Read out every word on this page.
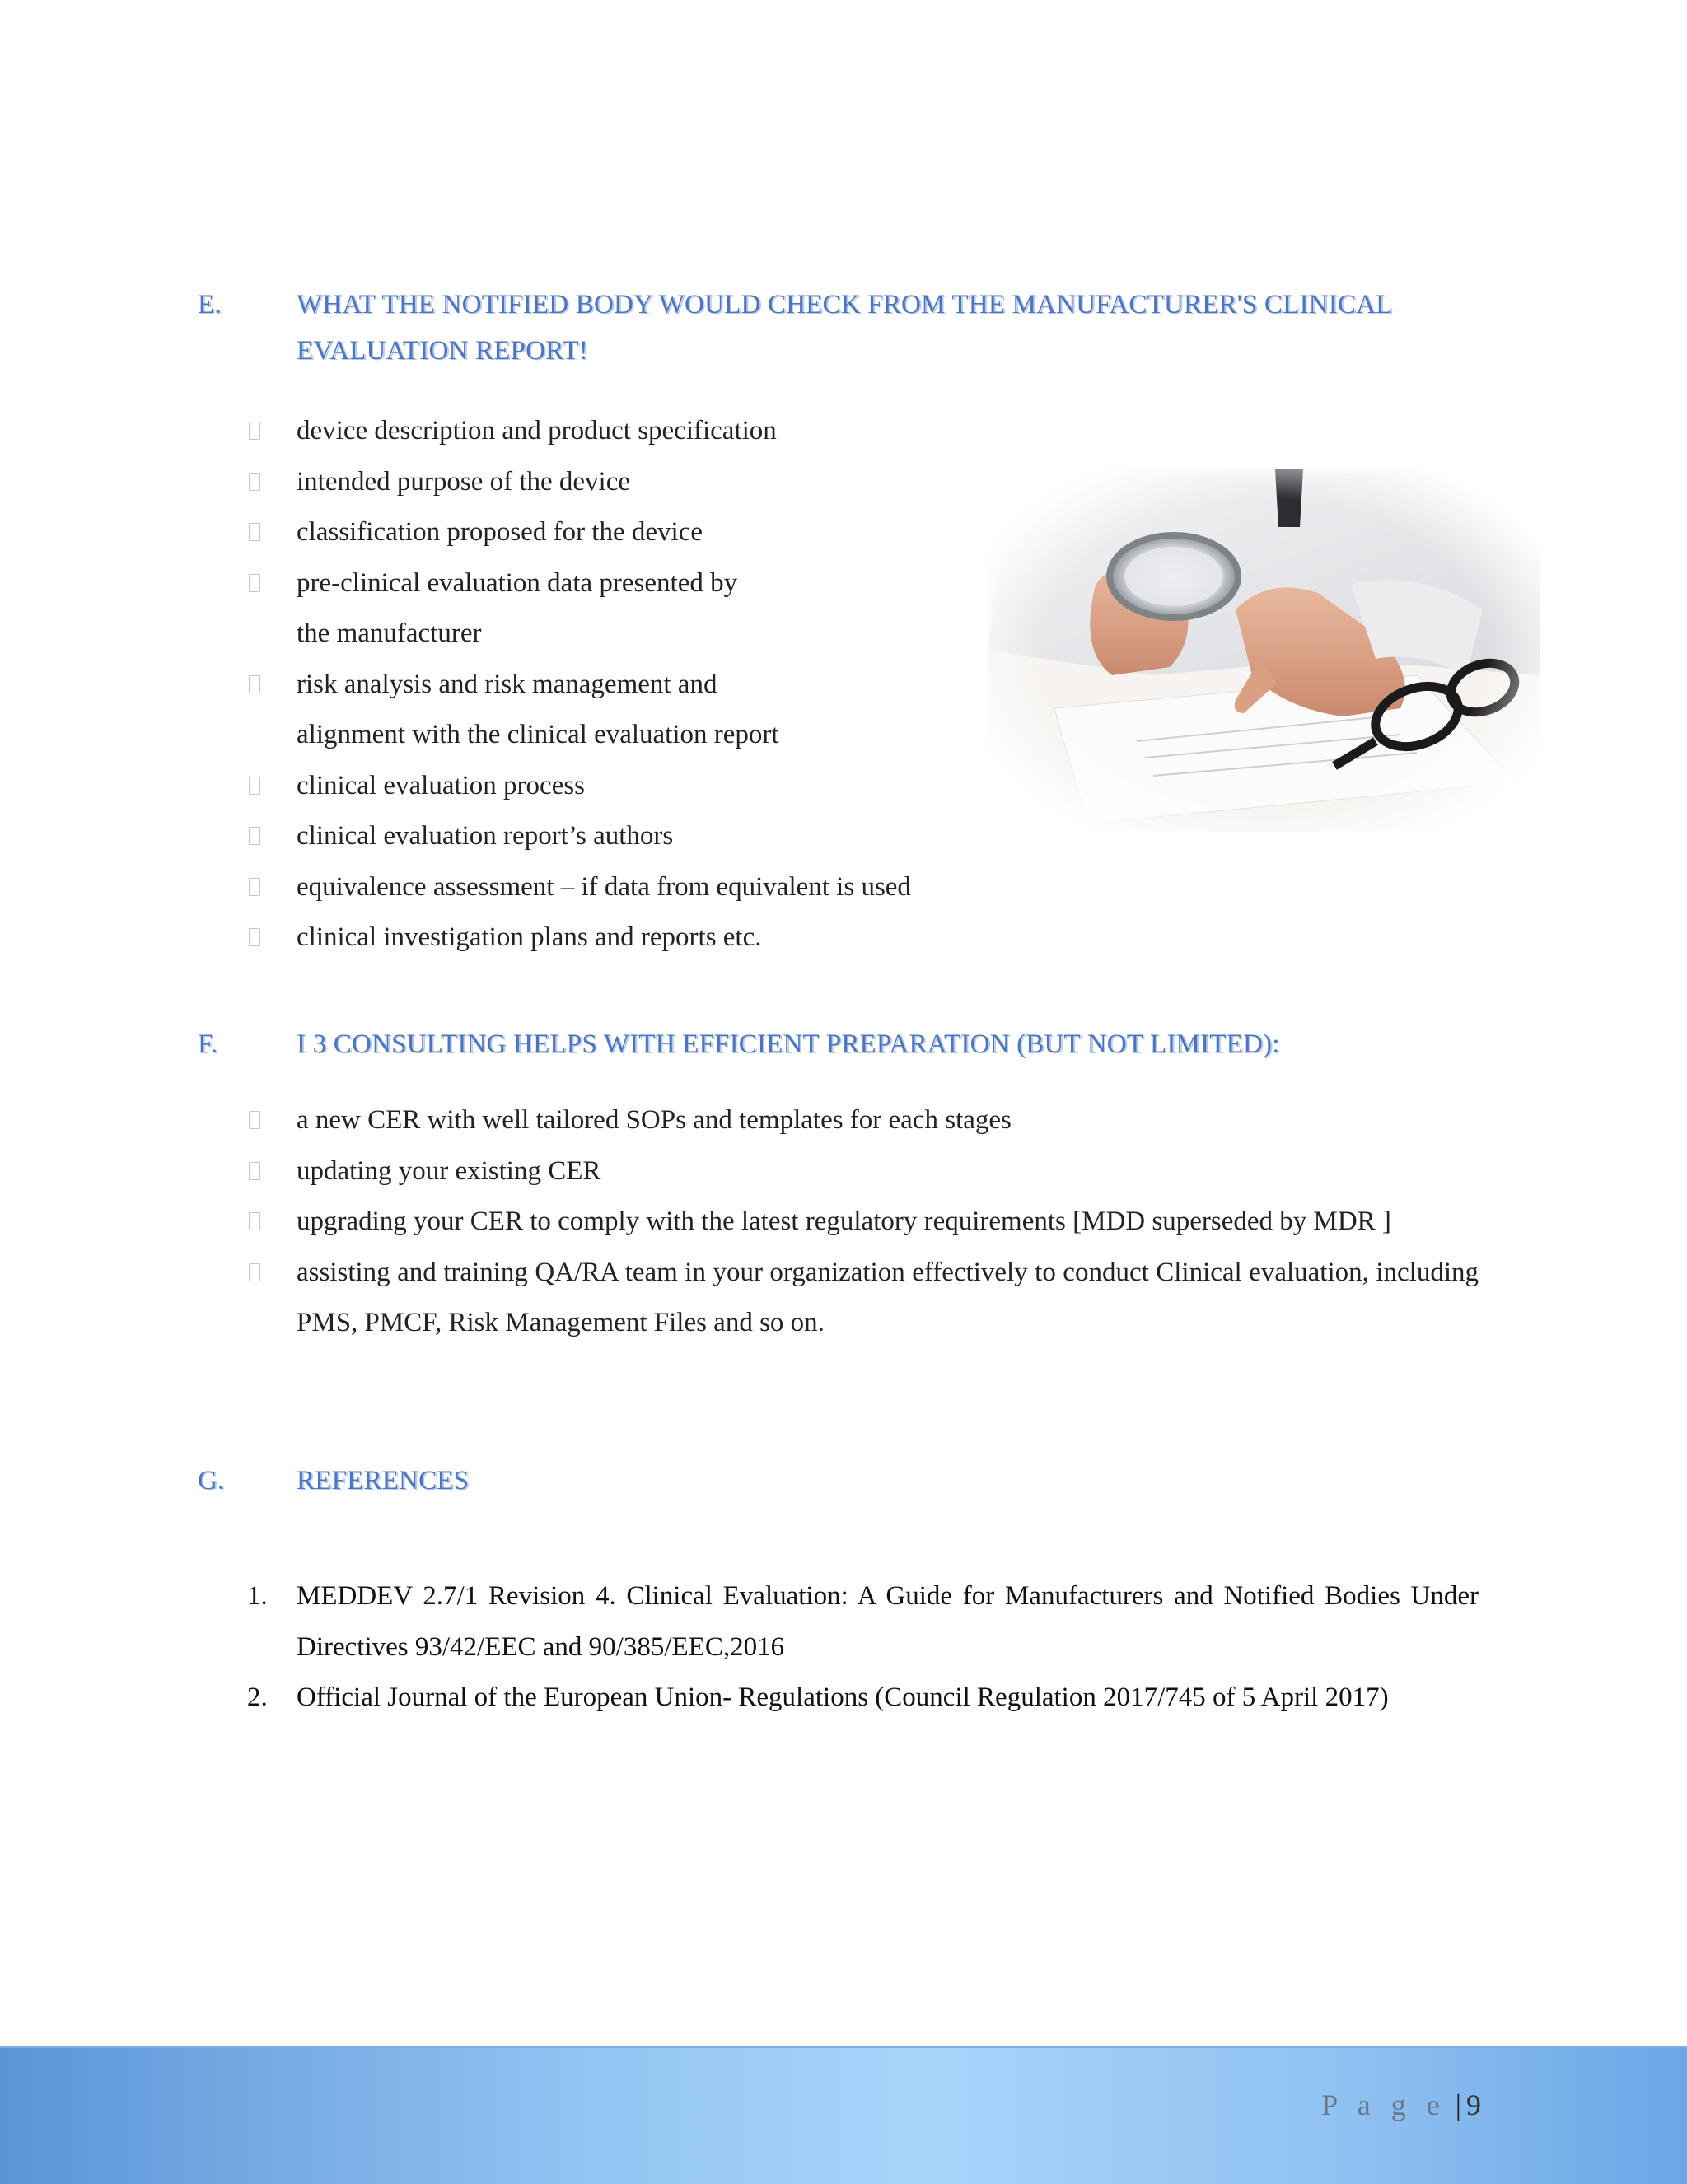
E.	WHAT THE NOTIFIED BODY WOULD CHECK FROM THE MANUFACTURER'S CLINICAL
EVALUATION REPORT!
device description and product specification
intended purpose of the device
classification proposed for the device
pre-clinical evaluation data presented by
the manufacturer
risk analysis and risk management and
alignment with the clinical evaluation report
clinical evaluation process
clinical evaluation report’s authors
equivalence assessment – if data from equivalent is used
clinical investigation plans and reports etc.
F.	I 3 CONSULTING HELPS WITH EFFICIENT PREPARATION (BUT NOT LIMITED):
a new CER with well tailored SOPs and templates for each stages
updating your existing CER
upgrading your CER to comply with the latest regulatory requirements [MDD superseded by MDR ]
assisting and training QA/RA team in your organization effectively to conduct Clinical evaluation, including PMS, PMCF, Risk Management Files and so on.
G.	REFERENCES
1. MEDDEV 2.7/1 Revision 4. Clinical Evaluation: A Guide for Manufacturers and Notified Bodies Under Directives 93/42/EEC and 90/385/EEC,2016
2. Official Journal of the European Union- Regulations (Council Regulation 2017/745 of 5 April 2017)
P a g e | 9
